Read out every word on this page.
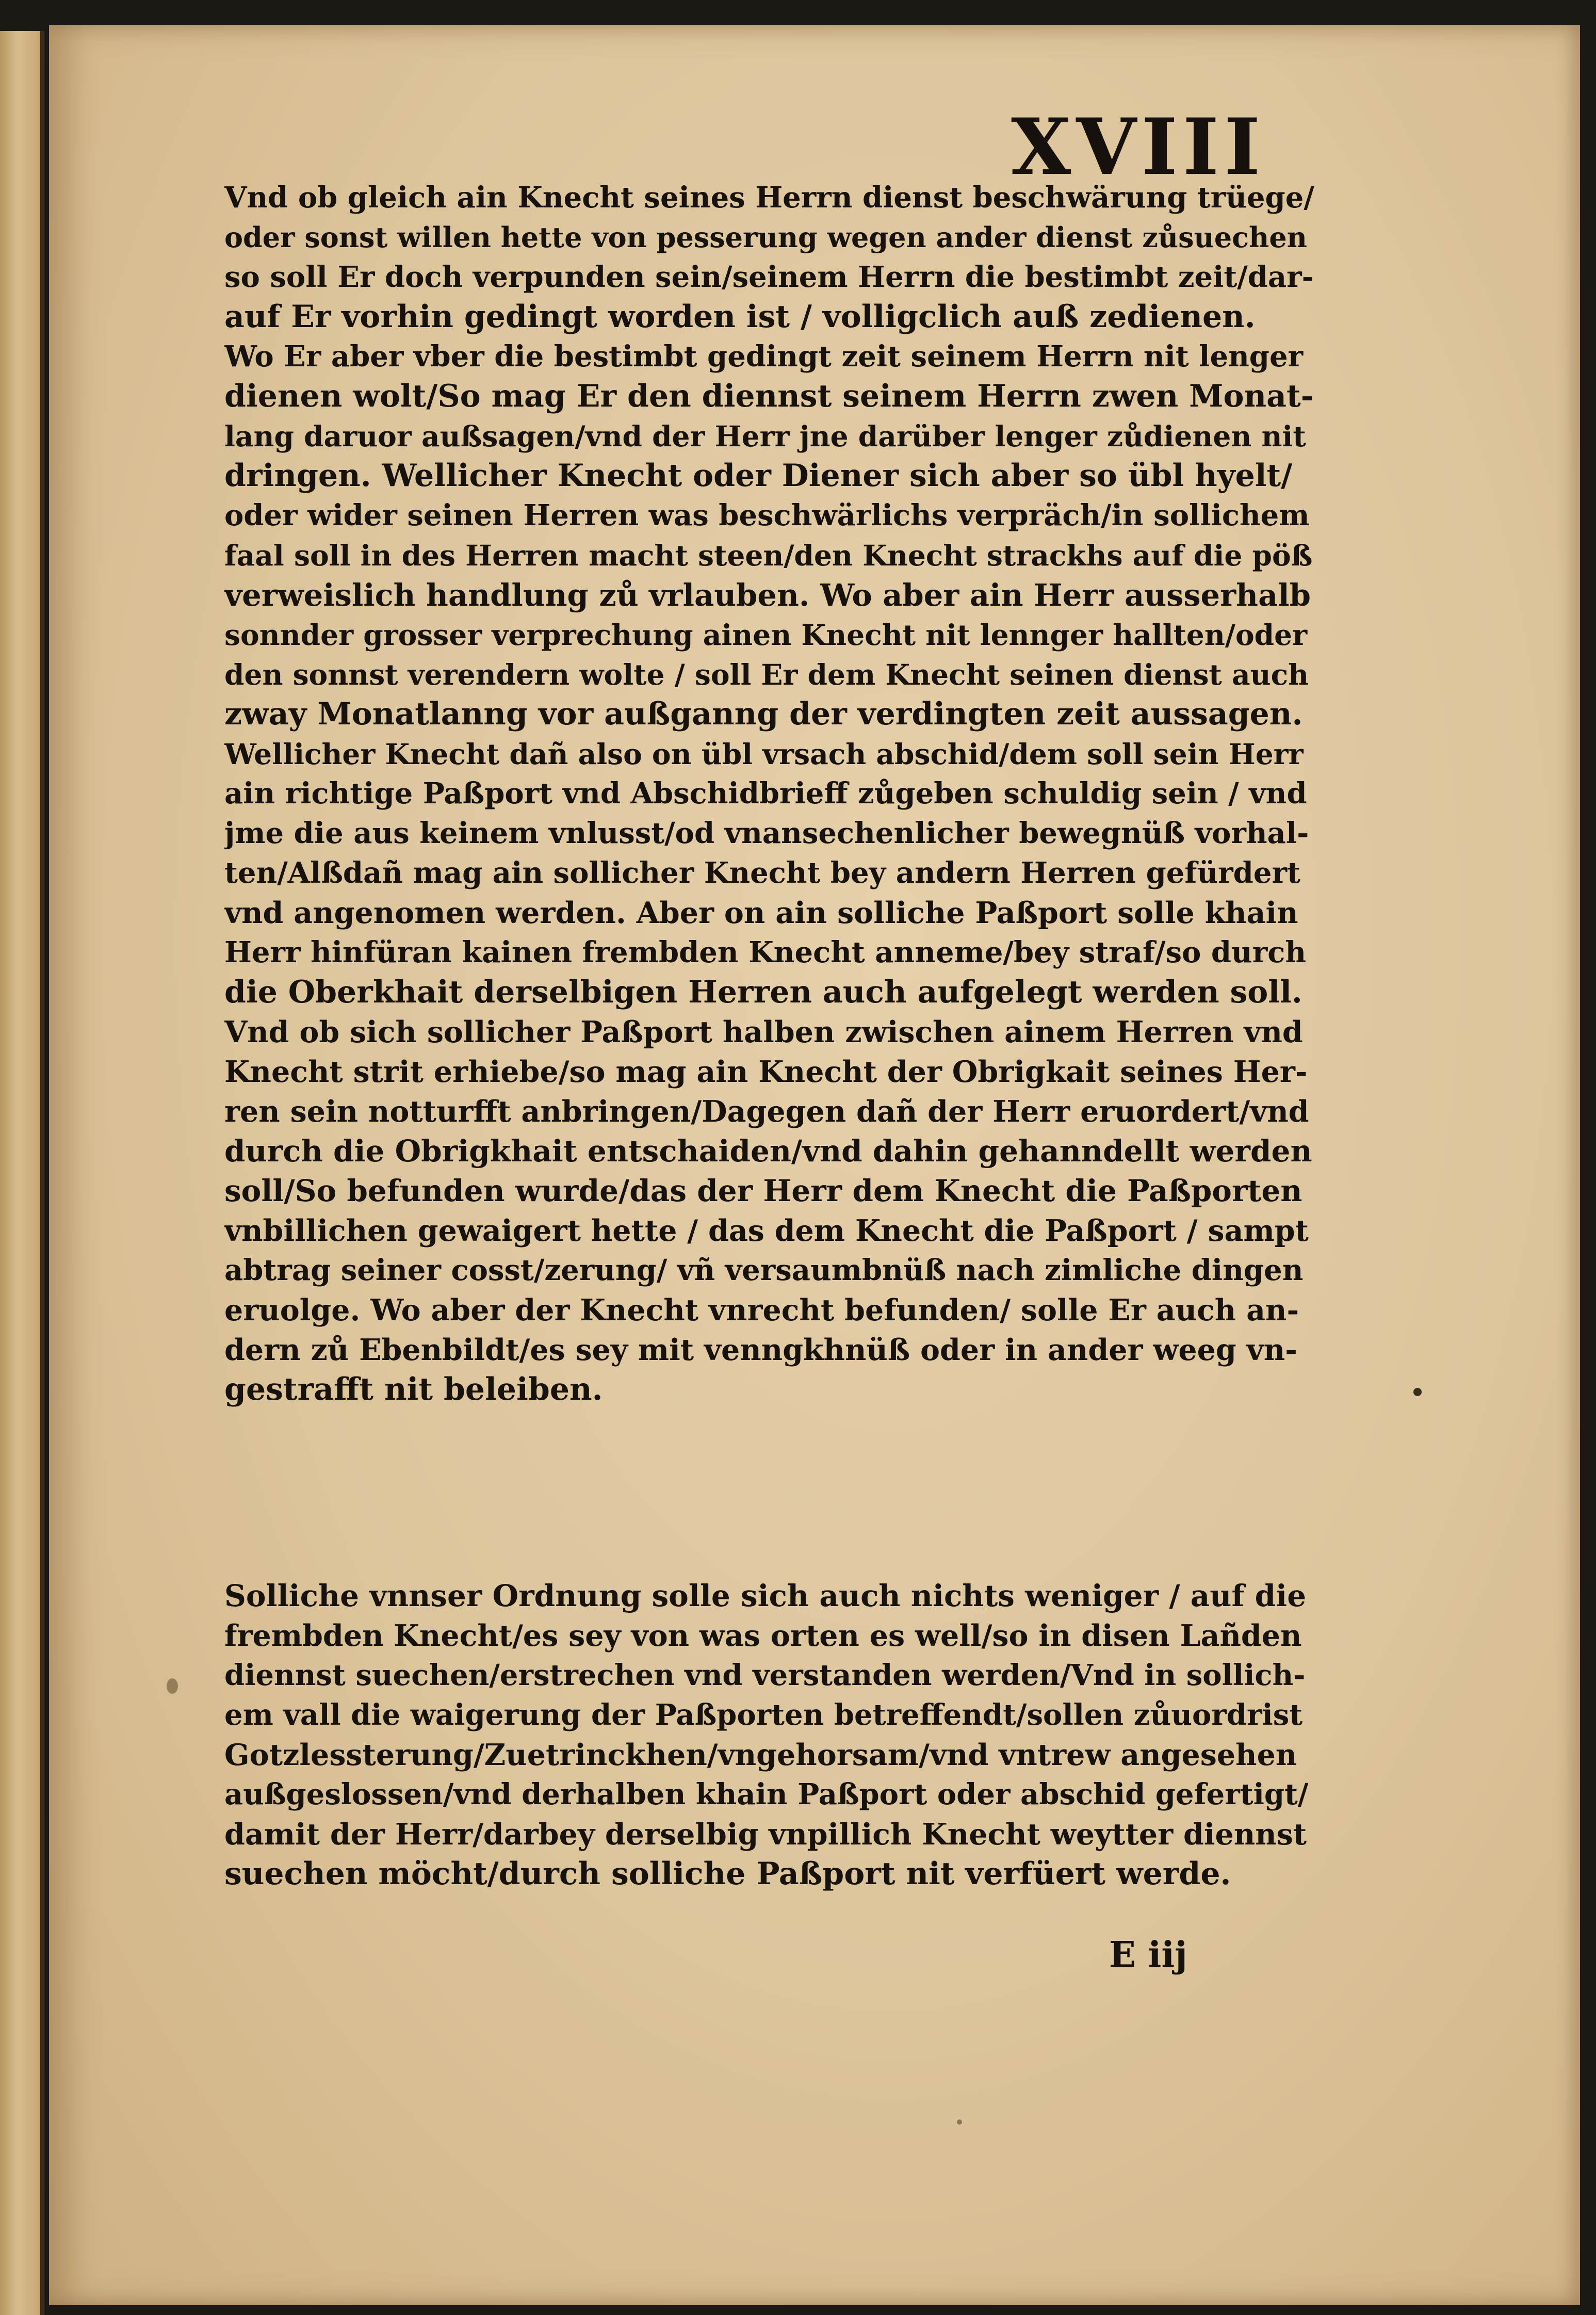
XVIII
Vnd ob gleich ain Knecht seines Herrn dienst beschwärung trüege/
oder sonst willen hette von pesserung wegen ander dienst zůsuechen
so soll Er doch verpunden sein/seinem Herrn die bestimbt zeit/dar-
auf Er vorhin gedingt worden ist / volligclich auß zedienen.
Wo Er aber vber die bestimbt gedingt zeit seinem Herrn nit lenger
dienen wolt/So mag Er den diennst seinem Herrn zwen Monat-
lang daruor außsagen/vnd der Herr jne darüber lenger zůdienen nit
dringen. Wellicher Knecht oder Diener sich aber so übl hyelt/
oder wider seinen Herren was beschwärlichs verpräch/in sollichem
faal soll in des Herren macht steen/den Knecht strackhs auf die pöß
verweislich handlung zů vrlauben. Wo aber ain Herr ausserhalb
sonnder grosser verprechung ainen Knecht nit lennger hallten/oder
den sonnst verendern wolte / soll Er dem Knecht seinen dienst auch
zway Monatlanng vor außganng der verdingten zeit aussagen.
Wellicher Knecht dañ also on übl vrsach abschid/dem soll sein Herr
ain richtige Paßport vnd Abschidbrieff zůgeben schuldig sein / vnd
jme die aus keinem vnlusst/od vnansechenlicher bewegnüß vorhal-
ten/Alßdañ mag ain sollicher Knecht bey andern Herren gefürdert
vnd angenomen werden. Aber on ain solliche Paßport solle khain
Herr hinfüran kainen frembden Knecht anneme/bey straf/so durch
die Oberkhait derselbigen Herren auch aufgelegt werden soll.
Vnd ob sich sollicher Paßport halben zwischen ainem Herren vnd
Knecht strit erhiebe/so mag ain Knecht der Obrigkait seines Her-
ren sein notturfft anbringen/Dagegen dañ der Herr eruordert/vnd
durch die Obrigkhait entschaiden/vnd dahin gehanndellt werden
soll/So befunden wurde/das der Herr dem Knecht die Paßporten
vnbillichen gewaigert hette / das dem Knecht die Paßport / sampt
abtrag seiner cosst/zerung/ vñ versaumbnüß nach zimliche dingen
eruolge. Wo aber der Knecht vnrecht befunden/ solle Er auch an-
dern zů Ebenbildt/es sey mit venngkhnüß oder in ander weeg vn-
gestrafft nit beleiben.
Solliche vnnser Ordnung solle sich auch nichts weniger / auf die
frembden Knecht/es sey von was orten es well/so in disen Lañden
diennst suechen/erstrechen vnd verstanden werden/Vnd in sollich-
em vall die waigerung der Paßporten betreffendt/sollen zůuordrist
Gotzlessterung/Zuetrinckhen/vngehorsam/vnd vntrew angesehen
außgeslossen/vnd derhalben khain Paßport oder abschid gefertigt/
damit der Herr/darbey derselbig vnpillich Knecht weytter diennst
suechen möcht/durch solliche Paßport nit verfüert werde.

E iij
